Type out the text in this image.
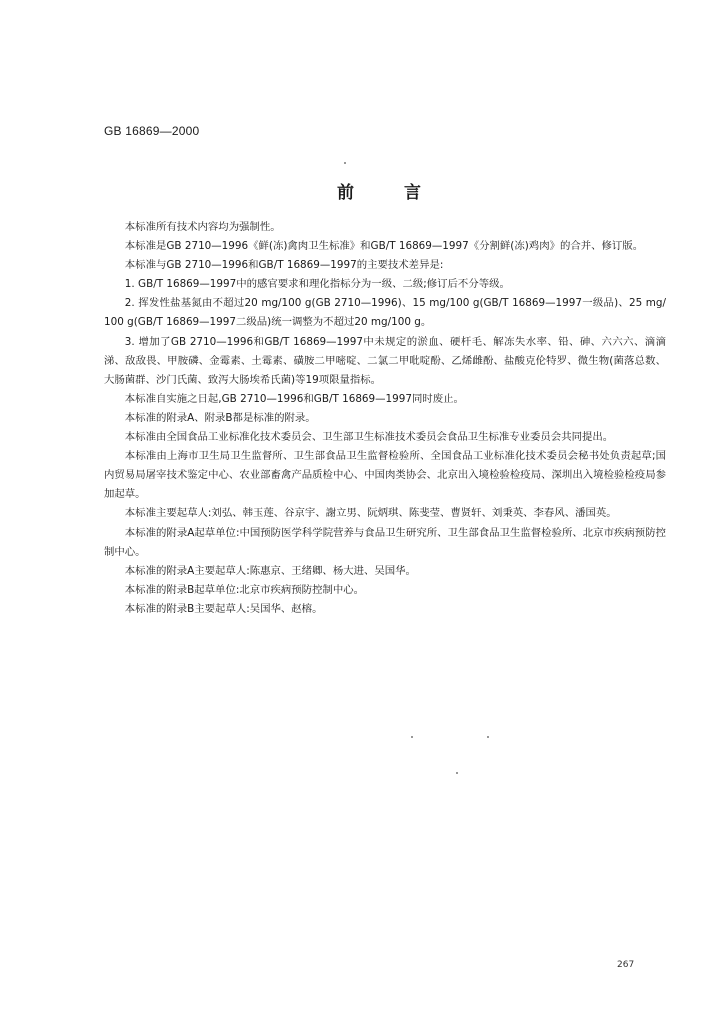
GB 16869—2000
前言

本标准所有技术内容均为强制性。

本标准是GB 2710—1996《鲜(冻)禽肉卫生标准》和GB/T 16869—1997《分割鲜(冻)鸡肉》的合并、修订版。

本标准与GB 2710—1996和GB/T 16869—1997的主要技术差异是:

1. GB/T 16869—1997中的感官要求和理化指标分为一级、二级;修订后不分等级。

2. 挥发性盐基氮由不超过20 mg/100 g(GB 2710—1996)、15 mg/100 g(GB/T 16869—1997一级品)、25 mg/100 g(GB/T 16869—1997二级品)统一调整为不超过20 mg/100 g。

3. 增加了GB 2710—1996和GB/T 16869—1997中未规定的淤血、硬杆毛、解冻失水率、铅、砷、六六六、滴滴涕、敌敌畏、甲胺磷、金霉素、土霉素、磺胺二甲嘧啶、二氯二甲吡啶酚、乙烯雌酚、盐酸克伦特罗、微生物(菌落总数、大肠菌群、沙门氏菌、致泻大肠埃希氏菌)等19项限量指标。

本标准自实施之日起,GB 2710—1996和GB/T 16869—1997同时废止。

本标准的附录A、附录B都是标准的附录。

本标准由全国食品工业标准化技术委员会、卫生部卫生标准技术委员会食品卫生标准专业委员会共同提出。

本标准由上海市卫生局卫生监督所、卫生部食品卫生监督检验所、全国食品工业标准化技术委员会秘书处负责起草;国内贸易局屠宰技术鉴定中心、农业部畜禽产品质检中心、中国肉类协会、北京出入境检验检疫局、深圳出入境检验检疫局参加起草。

本标准主要起草人:刘弘、韩玉莲、谷京宇、謝立男、阮炳琪、陈斐莹、曹贤轩、刘秉英、李春风、潘国英。

本标准的附录A起草单位:中国预防医学科学院营养与食品卫生研究所、卫生部食品卫生监督检验所、北京市疾病预防控制中心。

本标准的附录A主要起草人:陈惠京、王绪卿、杨大进、吴国华。

本标准的附录B起草单位:北京市疾病预防控制中心。

本标准的附录B主要起草人:吴国华、赵榕。

267
